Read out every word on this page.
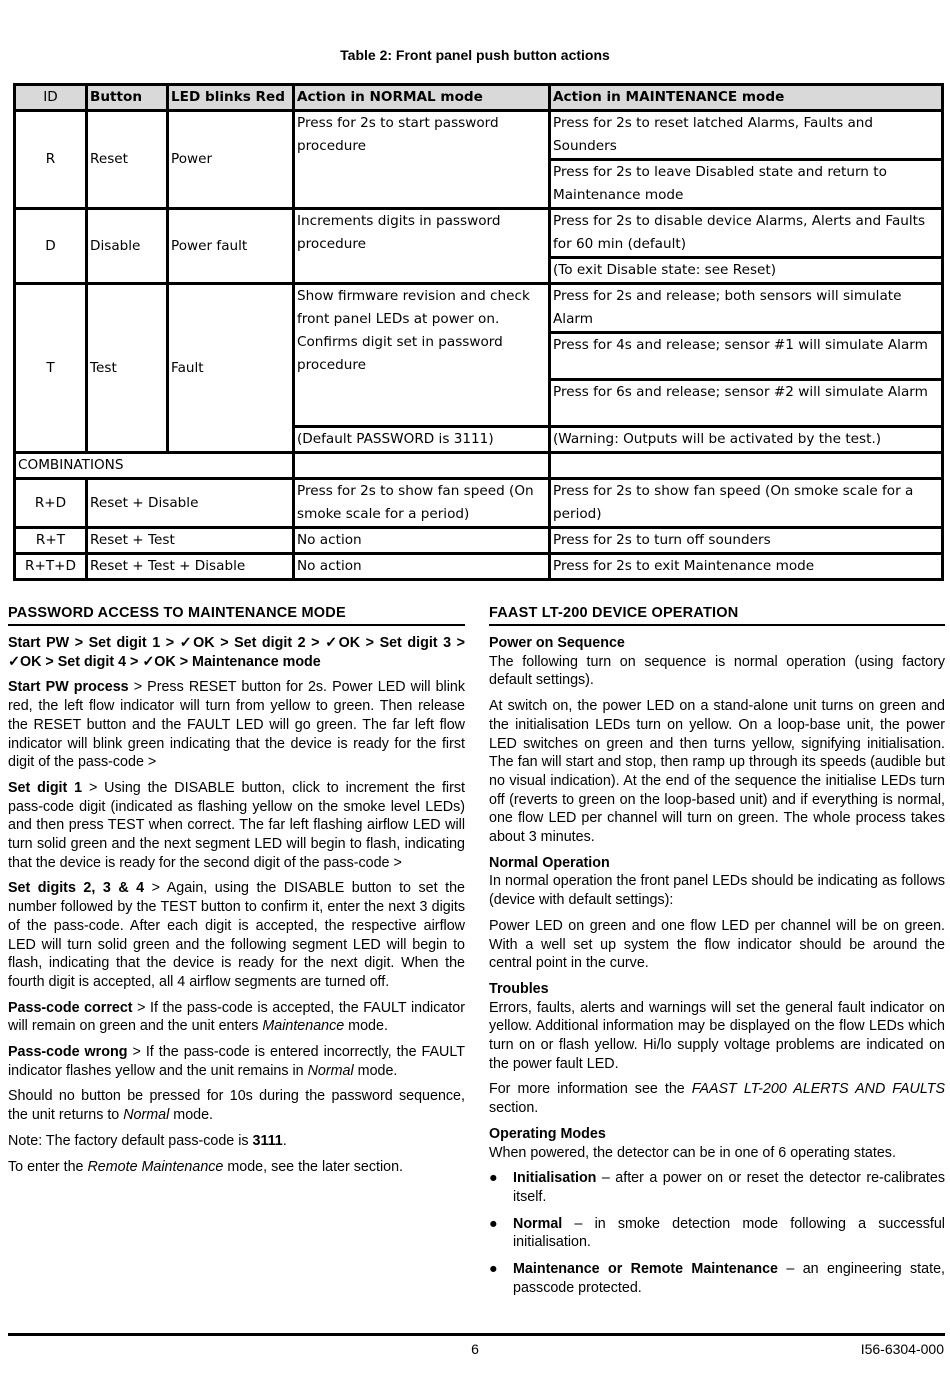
Table 2: Front panel push button actions
ID	Button	LED blinks Red	Action in NORMAL mode	Action in MAINTENANCE mode
R	Reset	Power	Press for 2s to start password procedure	Press for 2s to reset latched Alarms, Faults and Sounders
				Press for 2s to leave Disabled state and return to Maintenance mode
D	Disable	Power fault	Increments digits in password procedure	Press for 2s to disable device Alarms, Alerts and Faults for 60 min (default)
				(To exit Disable state: see Reset)
T	Test	Fault	Show firmware revision and check front panel LEDs at power on. Confirms digit set in password procedure	Press for 2s and release; both sensors will simulate Alarm
				Press for 4s and release; sensor #1 will simulate Alarm
				Press for 6s and release; sensor #2 will simulate Alarm
			(Default PASSWORD is 3111)	(Warning: Outputs will be activated by the test.)
COMBINATIONS				
R+D	Reset + Disable		Press for 2s to show fan speed (On smoke scale for a period)	Press for 2s to show fan speed (On smoke scale for a period)
R+T	Reset + Test		No action	Press for 2s to turn off sounders
R+T+D	Reset + Test + Disable		No action	Press for 2s to exit Maintenance mode
PASSWORD ACCESS TO MAINTENANCE MODE

Start PW > Set digit 1 > ✓OK > Set digit 2 > ✓OK > Set digit 3 > ✓OK > Set digit 4 > ✓OK > Maintenance mode

Start PW process > Press RESET button for 2s. Power LED will blink red, the left flow indicator will turn from yellow to green. Then release the RESET button and the FAULT LED will go green. The far left flow indicator will blink green indicating that the device is ready for the first digit of the pass-code >

Set digit 1 > Using the DISABLE button, click to increment the first pass-code digit (indicated as flashing yellow on the smoke level LEDs) and then press TEST when correct. The far left flashing airflow LED will turn solid green and the next segment LED will begin to flash, indicating that the device is ready for the second digit of the pass-code >

Set digits 2, 3 & 4 > Again, using the DISABLE button to set the number followed by the TEST button to confirm it, enter the next 3 digits of the pass-code. After each digit is accepted, the respective airflow LED will turn solid green and the following segment LED will begin to flash, indicating that the device is ready for the next digit. When the fourth digit is accepted, all 4 airflow segments are turned off.

Pass-code correct > If the pass-code is accepted, the FAULT indicator will remain on green and the unit enters Maintenance mode.

Pass-code wrong > If the pass-code is entered incorrectly, the FAULT indicator flashes yellow and the unit remains in Normal mode.

Should no button be pressed for 10s during the password sequence, the unit returns to Normal mode.

Note: The factory default pass-code is 3111.

To enter the Remote Maintenance mode, see the later section.

FAAST LT-200 DEVICE OPERATION
Power on Sequence

The following turn on sequence is normal operation (using factory default settings).

At switch on, the power LED on a stand-alone unit turns on green and the initialisation LEDs turn on yellow. On a loop-base unit, the power LED switches on green and then turns yellow, signifying initialisation. The fan will start and stop, then ramp up through its speeds (audible but no visual indication). At the end of the sequence the initialise LEDs turn off (reverts to green on the loop-based unit) and if everything is normal, one flow LED per channel will turn on green. The whole process takes about 3 minutes.

Normal Operation

In normal operation the front panel LEDs should be indicating as follows (device with default settings):

Power LED on green and one flow LED per channel will be on green. With a well set up system the flow indicator should be around the central point in the curve.

Troubles

Errors, faults, alerts and warnings will set the general fault indicator on yellow. Additional information may be displayed on the flow LEDs which turn on or flash yellow. Hi/lo supply voltage problems are indicated on the power fault LED.

For more information see the FAAST LT-200 ALERTS AND FAULTS section.

Operating Modes

When powered, the detector can be in one of 6 operating states.

●	Initialisation – after a power on or reset the detector re-calibrates itself.
●	Normal – in smoke detection mode following a successful initialisation.
●	Maintenance or Remote Maintenance – an engineering state, passcode protected.
6	I56-6304-000
